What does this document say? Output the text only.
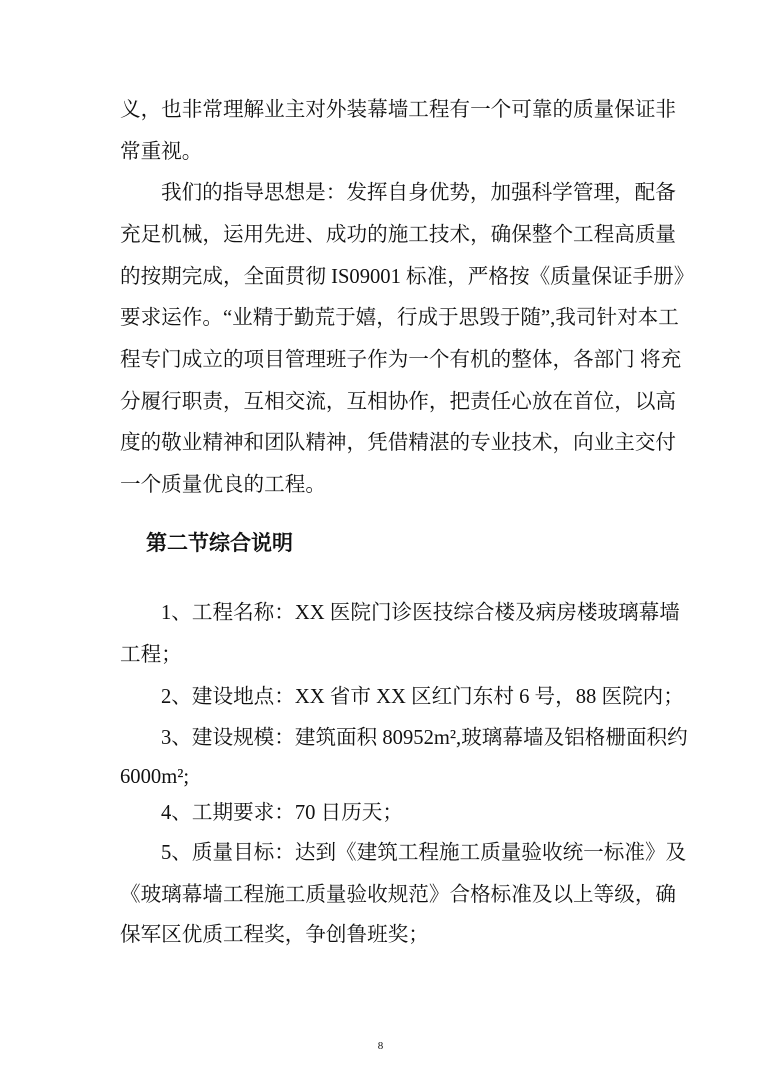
义，也非常理解业主对外装幕墙工程有一个可靠的质量保证非
常重视。
我们的指导思想是：发挥自身优势，加强科学管理，配备
充足机械，运用先进、成功的施工技术，确保整个工程高质量
的按期完成，全面贯彻 IS09001 标准，严格按《质量保证手册》
要求运作。“业精于勤荒于嬉，行成于思毁于随”,我司针对本工
程专门成立的项目管理班子作为一个有机的整体，各部门 将充
分履行职责，互相交流，互相协作，把责任心放在首位，以高
度的敬业精神和团队精神，凭借精湛的专业技术，向业主交付
一个质量优良的工程。
第二节综合说明
1、工程名称：XX 医院门诊医技综合楼及病房楼玻璃幕墙
工程；
2、建设地点：XX 省市 XX 区红门东村 6 号，88 医院内；
3、建设规模：建筑面积 80952m²,玻璃幕墙及铝格栅面积约
6000m²;
4、工期要求：70 日历天；
5、质量目标：达到《建筑工程施工质量验收统一标准》及
《玻璃幕墙工程施工质量验收规范》合格标准及以上等级，确
保军区优质工程奖，争创鲁班奖；
8
